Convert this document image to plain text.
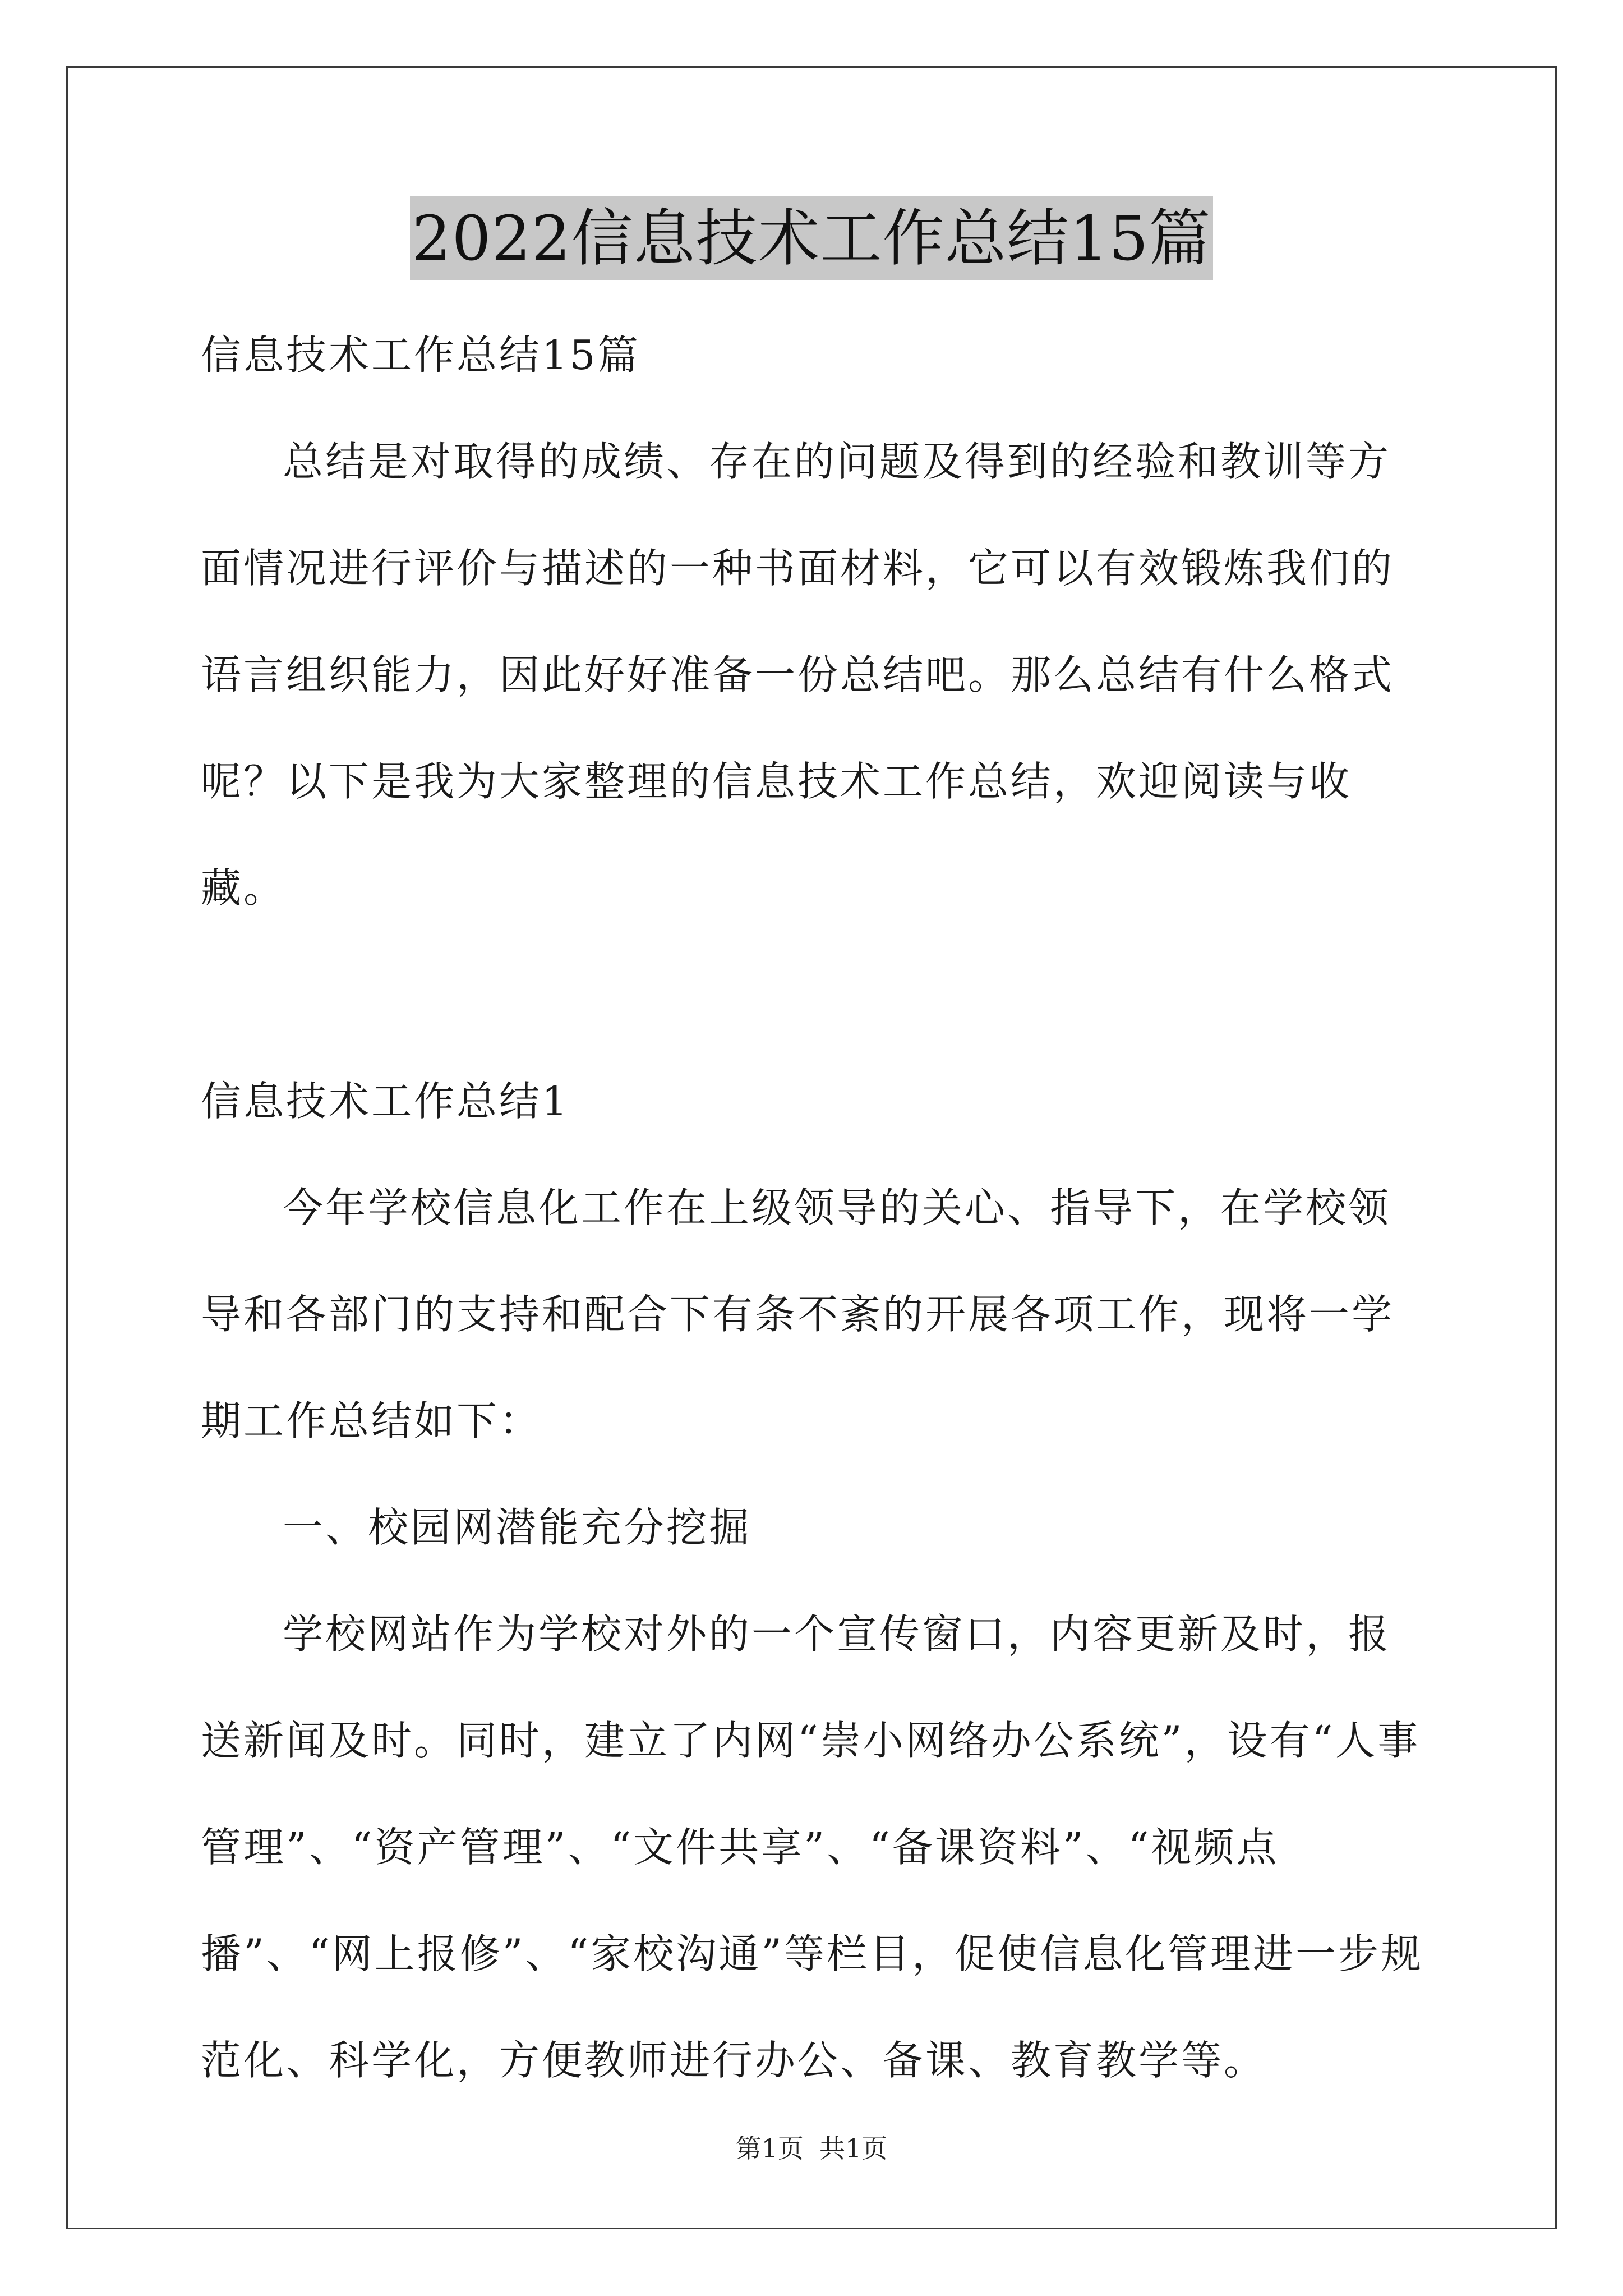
2022信息技术工作总结15篇

信息技术工作总结15篇

总结是对取得的成绩、存在的问题及得到的经验和教训等方面情况进行评价与描述的一种书面材料，它可以有效锻炼我们的语言组织能力，因此好好准备一份总结吧。那么总结有什么格式呢？以下是我为大家整理的信息技术工作总结，欢迎阅读与收藏。

信息技术工作总结1

今年学校信息化工作在上级领导的关心、指导下，在学校领导和各部门的支持和配合下有条不紊的开展各项工作，现将一学期工作总结如下：

一、校园网潜能充分挖掘

学校网站作为学校对外的一个宣传窗口，内容更新及时，报送新闻及时。同时，建立了内网“崇小网络办公系统”，设有“人事管理”、“资产管理”、“文件共享”、“备课资料”、“视频点播”、“网上报修”、“家校沟通”等栏目，促使信息化管理进一步规范化、科学化，方便教师进行办公、备课、教育教学等。

第1页 共1页
